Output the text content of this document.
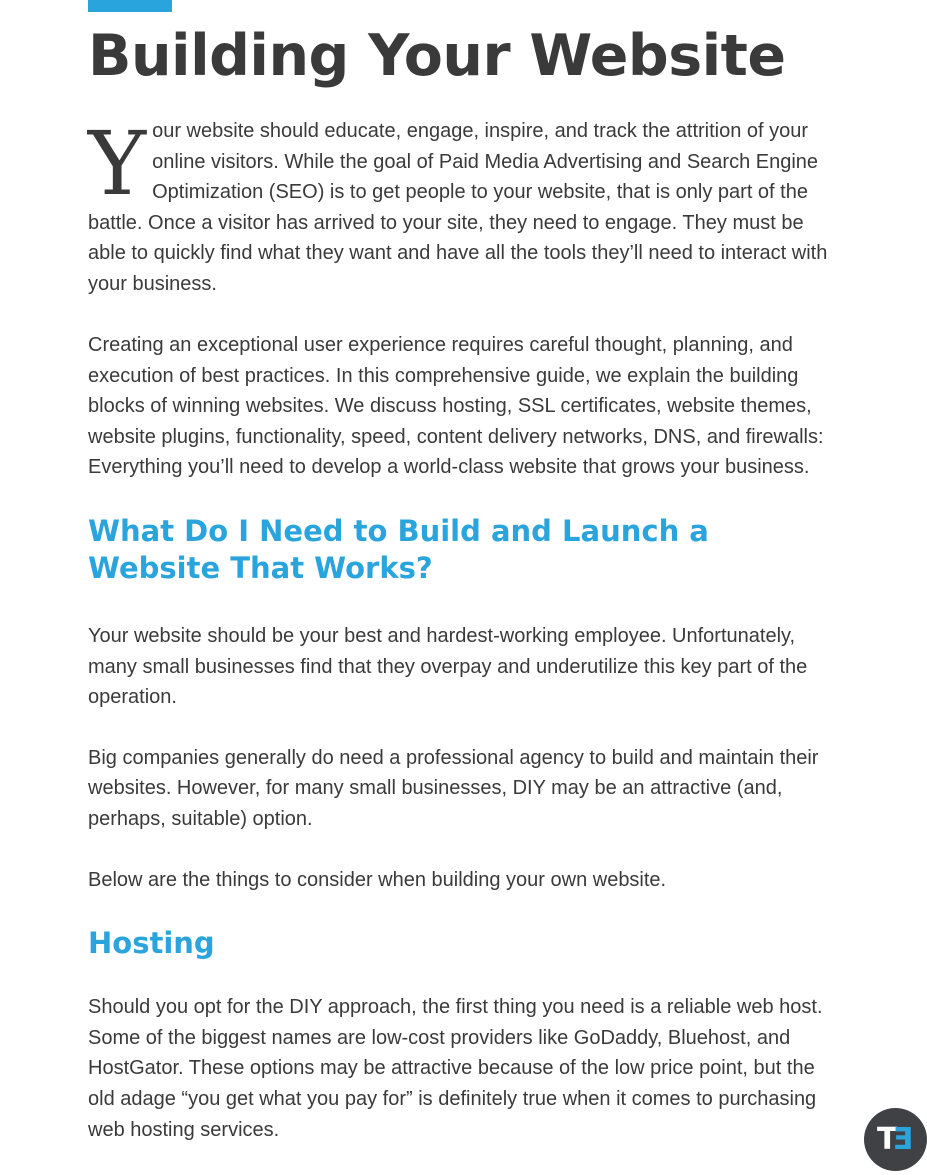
Building Your Website

Your website should educate, engage, inspire, and track the attrition of your online visitors. While the goal of Paid Media Advertising and Search Engine Optimization (SEO) is to get people to your website, that is only part of the battle. Once a visitor has arrived to your site, they need to engage. They must be able to quickly find what they want and have all the tools they’ll need to interact with your business.

Creating an exceptional user experience requires careful thought, planning, and execution of best practices. In this comprehensive guide, we explain the building blocks of winning websites. We discuss hosting, SSL certificates, website themes, website plugins, functionality, speed, content delivery networks, DNS, and firewalls: Everything you’ll need to develop a world-class website that grows your business.

What Do I Need to Build and Launch a Website That Works?

Your website should be your best and hardest-working employee. Unfortunately, many small businesses find that they overpay and underutilize this key part of the operation.

Big companies generally do need a professional agency to build and maintain their websites. However, for many small businesses, DIY may be an attractive (and, perhaps, suitable) option.

Below are the things to consider when building your own website.

Hosting

Should you opt for the DIY approach, the first thing you need is a reliable web host. Some of the biggest names are low-cost providers like GoDaddy, Bluehost, and HostGator. These options may be attractive because of the low price point, but the old adage “you get what you pay for” is definitely true when it comes to purchasing web hosting services.	T E
